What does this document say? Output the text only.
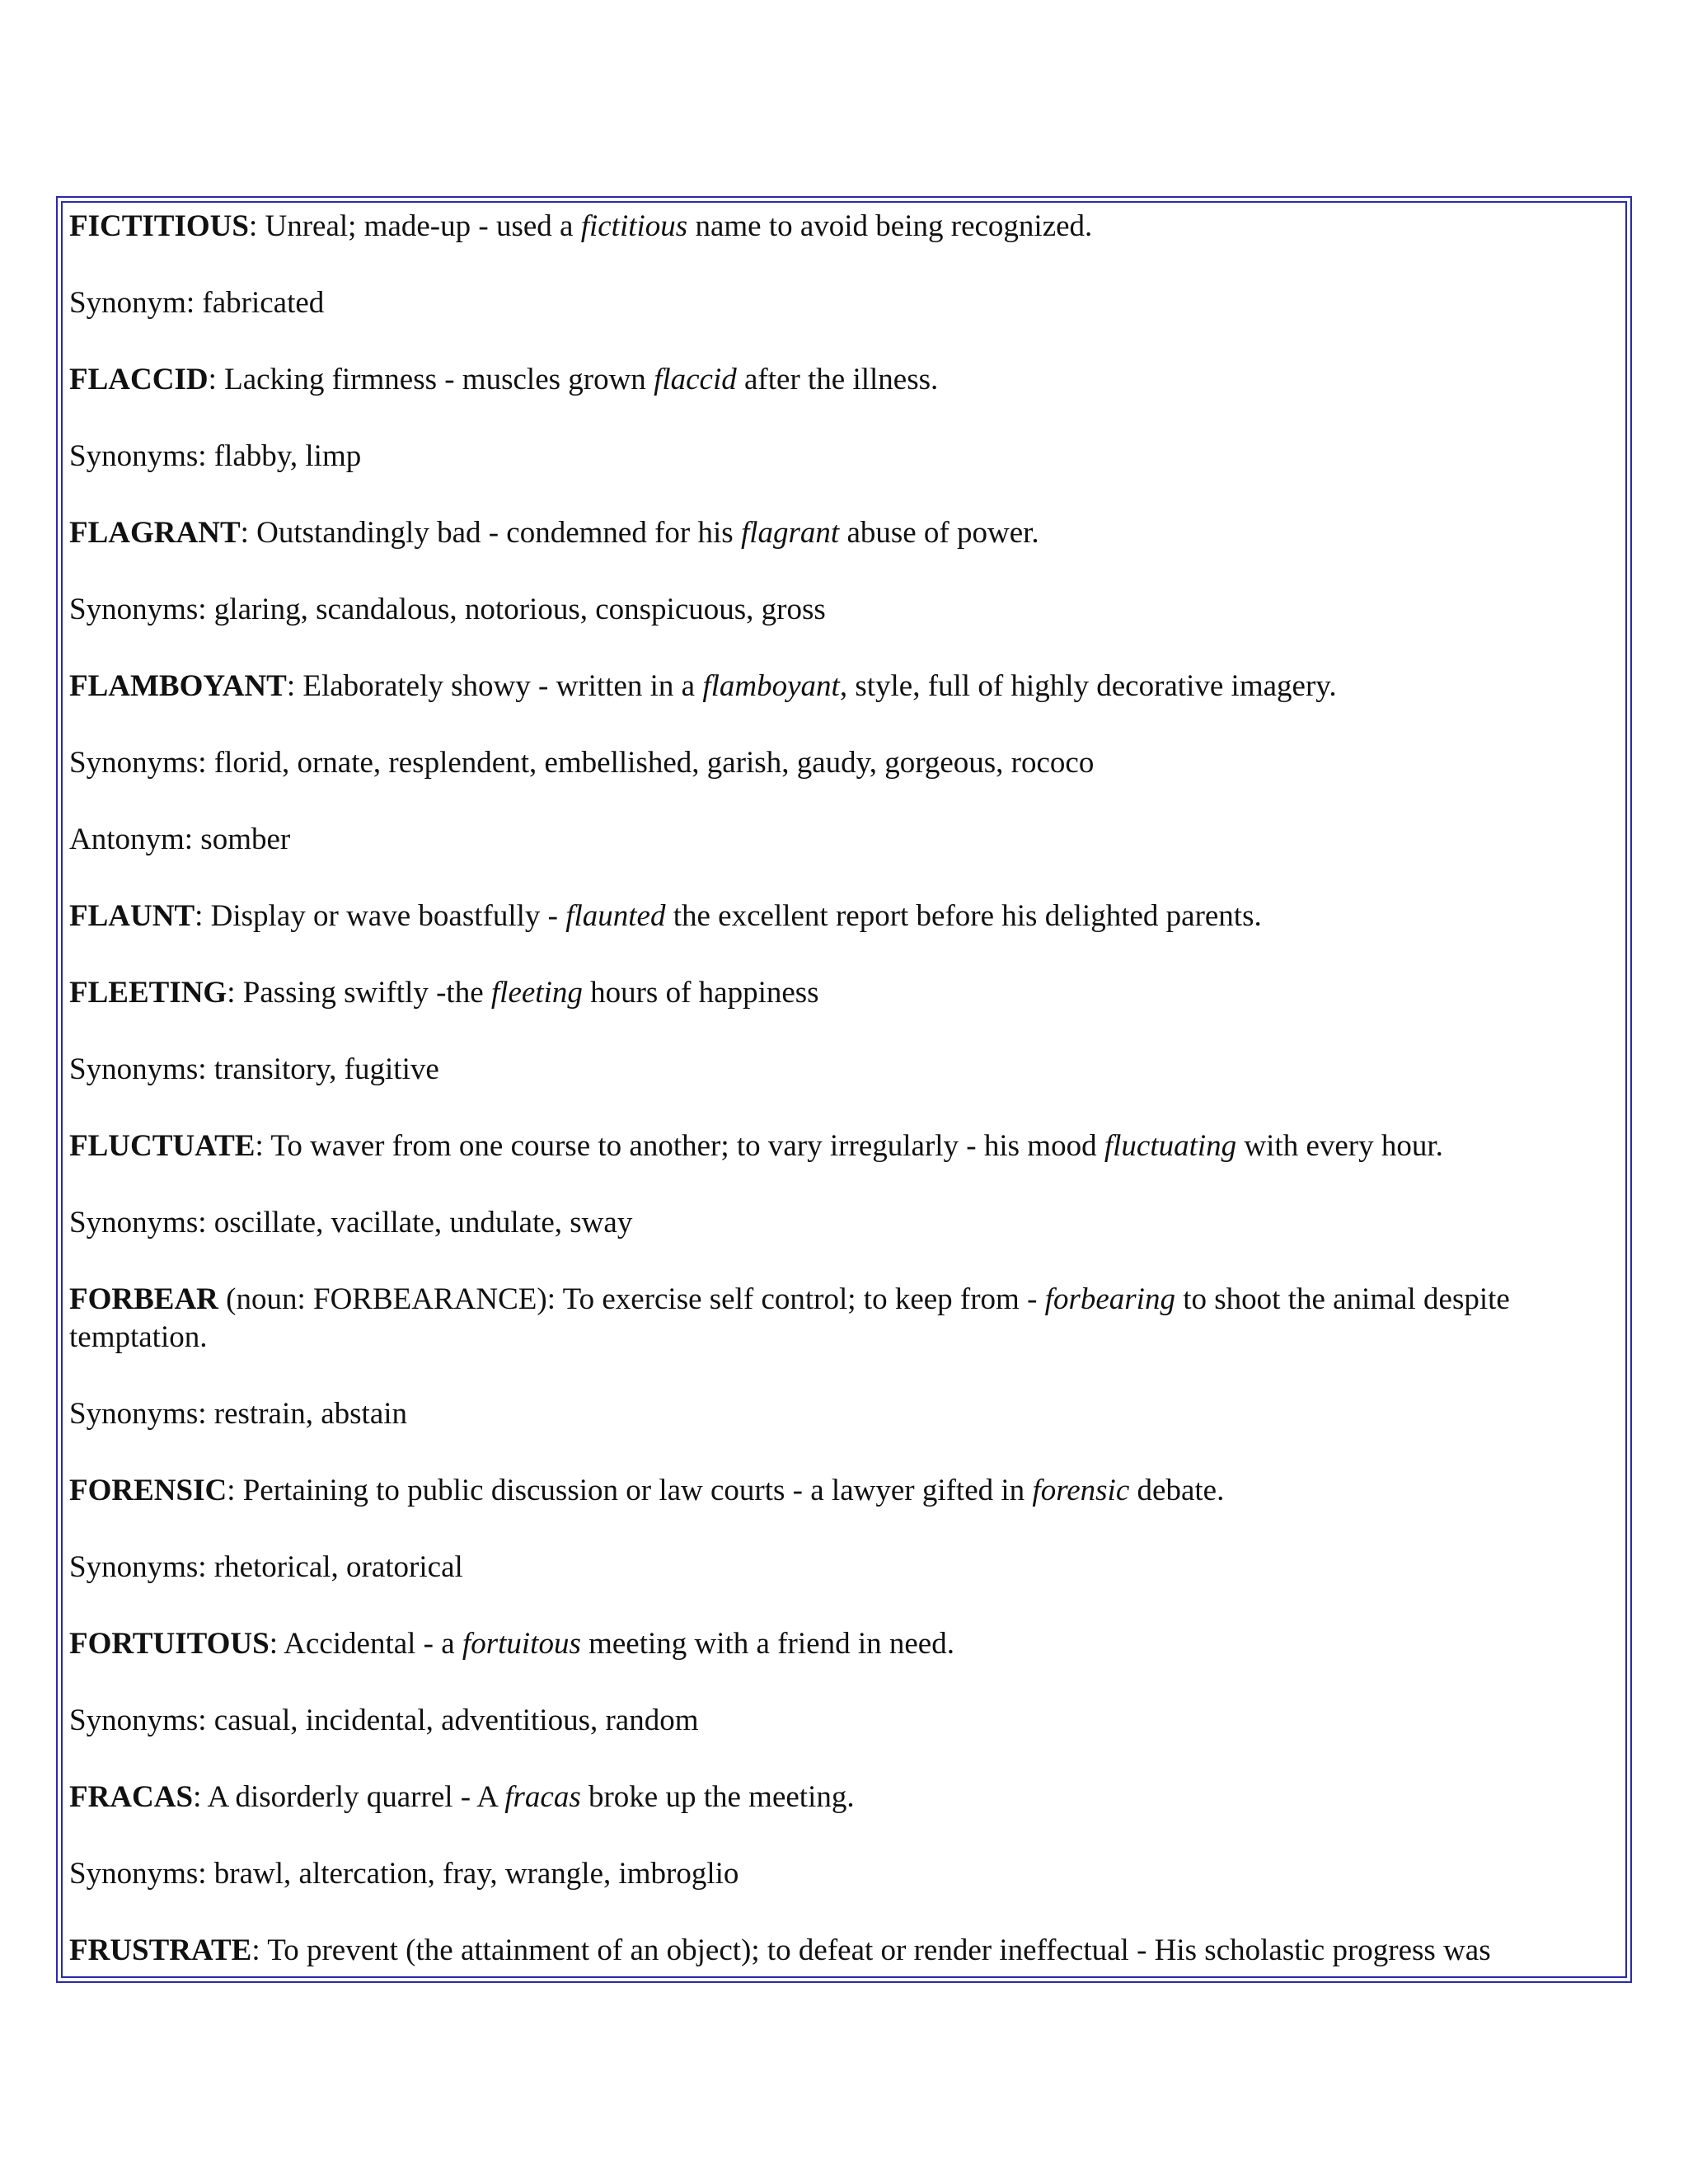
FICTITIOUS: Unreal; made-up - used a fictitious name to avoid being recognized.

Synonym: fabricated

FLACCID: Lacking firmness - muscles grown flaccid after the illness.

Synonyms: flabby, limp

FLAGRANT: Outstandingly bad - condemned for his flagrant abuse of power.

Synonyms: glaring, scandalous, notorious, conspicuous, gross

FLAMBOYANT: Elaborately showy - written in a flamboyant, style, full of highly decorative imagery.

Synonyms: florid, ornate, resplendent, embellished, garish, gaudy, gorgeous, rococo

Antonym: somber

FLAUNT: Display or wave boastfully - flaunted the excellent report before his delighted parents.

FLEETING: Passing swiftly -the fleeting hours of happiness

Synonyms: transitory, fugitive

FLUCTUATE: To waver from one course to another; to vary irregularly - his mood fluctuating with every hour.

Synonyms: oscillate, vacillate, undulate, sway

FORBEAR (noun: FORBEARANCE): To exercise self control; to keep from - forbearing to shoot the animal despite temptation.

Synonyms: restrain, abstain

FORENSIC: Pertaining to public discussion or law courts - a lawyer gifted in forensic debate.

Synonyms: rhetorical, oratorical

FORTUITOUS: Accidental - a fortuitous meeting with a friend in need.

Synonyms: casual, incidental, adventitious, random

FRACAS: A disorderly quarrel - A fracas broke up the meeting.

Synonyms: brawl, altercation, fray, wrangle, imbroglio

FRUSTRATE: To prevent (the attainment of an object); to defeat or render ineffectual - His scholastic progress was
